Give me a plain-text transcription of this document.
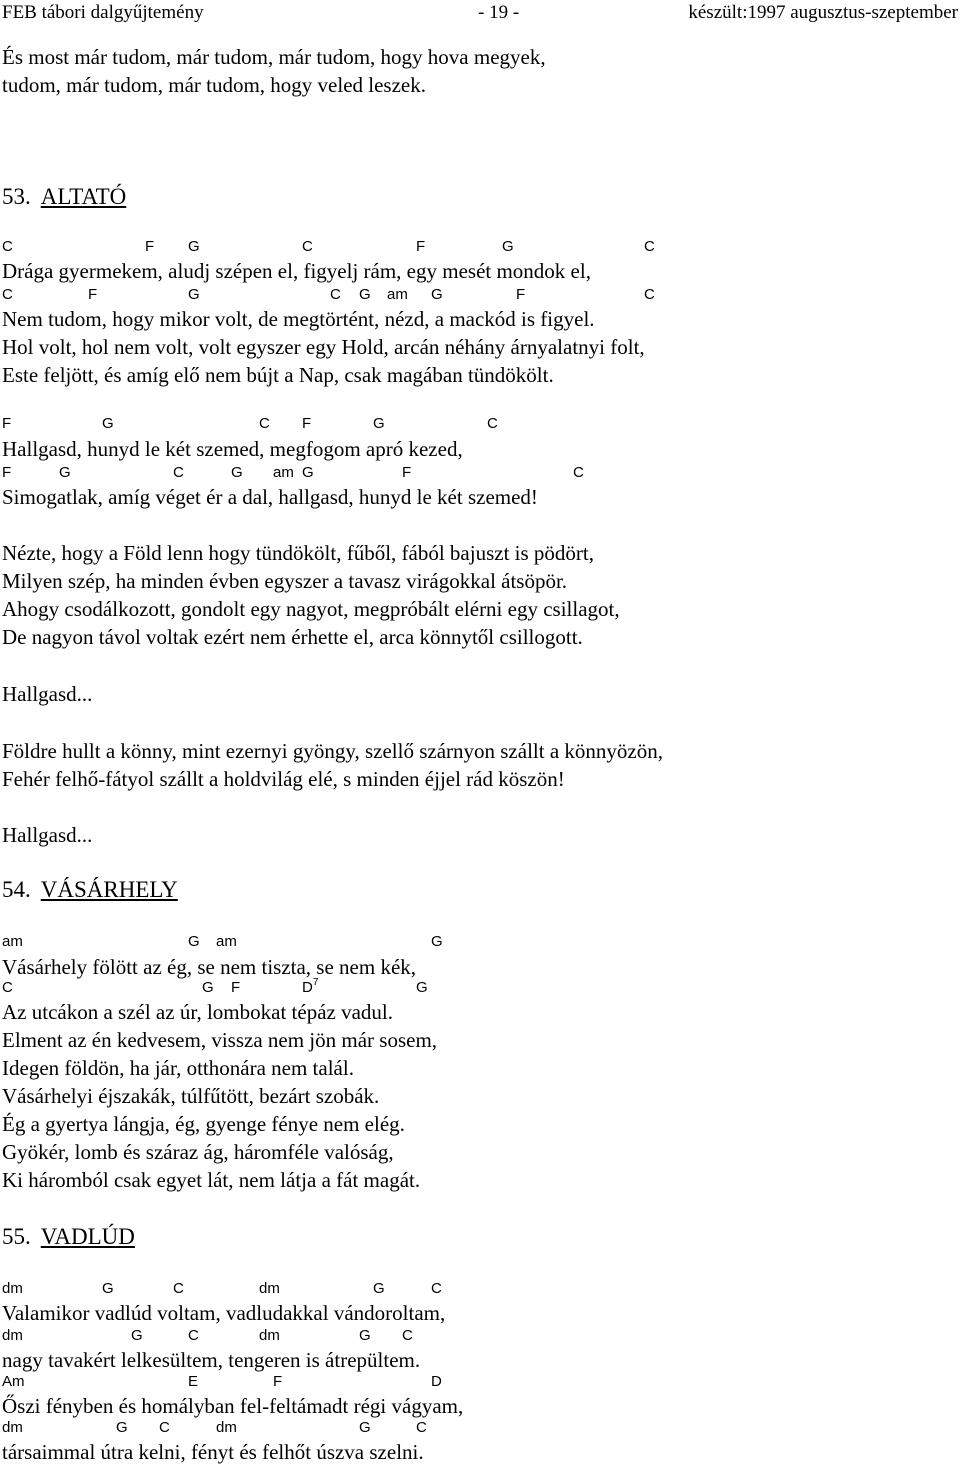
FEB tábori dalgyűjtemény	- 19 -	készült:1997 augusztus-szeptember
És most már tudom, már tudom, már tudom, hogy hova megyek,
tudom, már tudom, már tudom, hogy veled leszek.
53. ALTATÓ
C	F G	C	F	G	C
Drága gyermekem, aludj szépen el, figyelj rám, egy mesét mondok el,
C	F	G	C G am G	F	C
Nem tudom, hogy mikor volt, de megtörtént, nézd, a mackód is figyel.
Hol volt, hol nem volt, volt egyszer egy Hold, arcán néhány árnyalatnyi folt,
Este feljött, és amíg elő nem bújt a Nap, csak magában tündökölt.
F	G	C F	G	C
Hallgasd, hunyd le két szemed, megfogom apró kezed,
F	G	C	G am G	F	C
Simogatlak, amíg véget ér a dal, hallgasd, hunyd le két szemed!
Nézte, hogy a Föld lenn hogy tündökölt, fűből, fából bajuszt is pödört,
Milyen szép, ha minden évben egyszer a tavasz virágokkal átsöpör.
Ahogy csodálkozott, gondolt egy nagyot, megpróbált elérni egy csillagot,
De nagyon távol voltak ezért nem érhette el, arca könnytől csillogott.
Hallgasd...
Földre hullt a könny, mint ezernyi gyöngy, szellő szárnyon szállt a könnyözön,
Fehér felhő-fátyol szállt a holdvilág elé, s minden éjjel rád köszön!
Hallgasd...
54. VÁSÁRHELY
am	G am	G
Vásárhely fölött az ég, se nem tiszta, se nem kék,
C	G F	$D^7$	G
Az utcákon a szél az úr, lombokat tépáz vadul.
Elment az én kedvesem, vissza nem jön már sosem,
Idegen földön, ha jár, otthonára nem talál.
Vásárhelyi éjszakák, túlfűtött, bezárt szobák.
Ég a gyertya lángja, ég, gyenge fénye nem elég.
Gyökér, lomb és száraz ág, háromféle valóság,
Ki háromból csak egyet lát, nem látja a fát magát.
55. VADLÚD
dm	G	C	dm	G	C
Valamikor vadlúd voltam, vadludakkal vándoroltam,
dm	G	C	dm	G C
nagy tavakért lelkesültem, tengeren is átrepültem.
Am	E	F	D
Őszi fényben és homályban fel-feltámadt régi vágyam,
dm	G C	dm	G	C
társaimmal útra kelni, fényt és felhőt úszva szelni.
